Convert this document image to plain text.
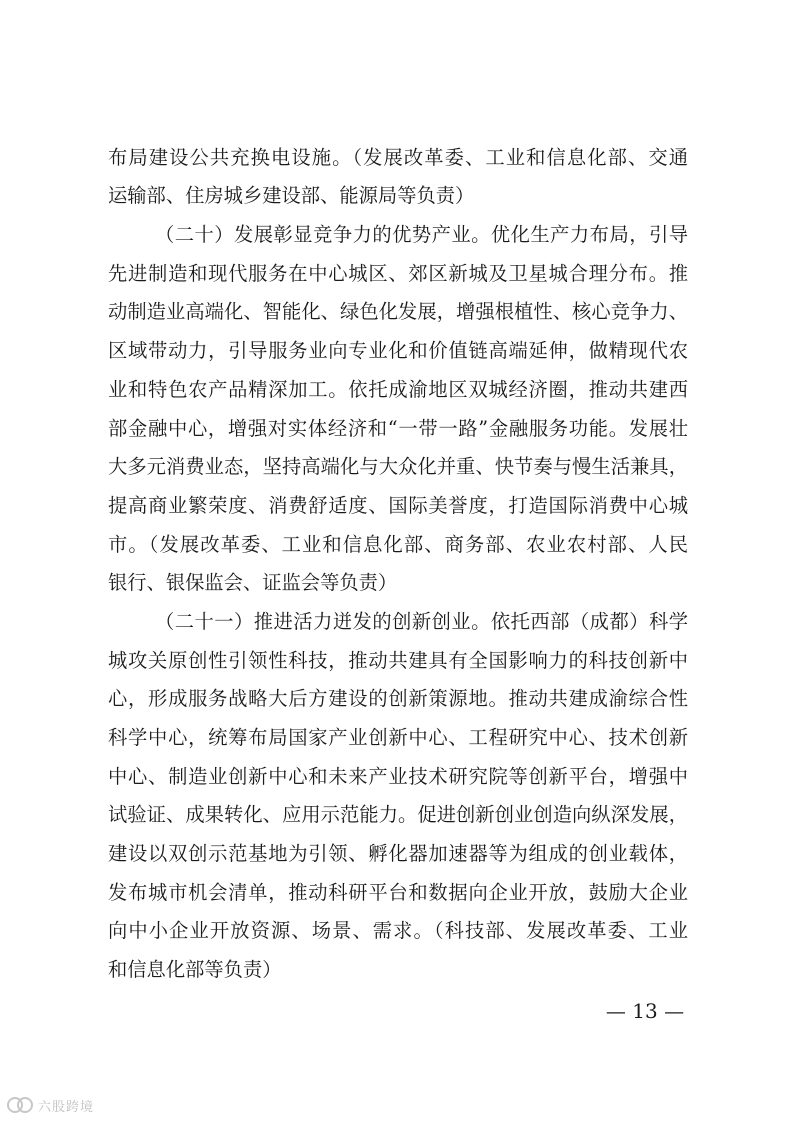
布局建设公共充换电设施。（发展改革委、工业和信息化部、交通
运输部、住房城乡建设部、能源局等负责）
（二十）发展彰显竞争力的优势产业。优化生产力布局，引导
先进制造和现代服务在中心城区、郊区新城及卫星城合理分布。推
动制造业高端化、智能化、绿色化发展，增强根植性、核心竞争力、
区域带动力，引导服务业向专业化和价值链高端延伸，做精现代农
业和特色农产品精深加工。依托成渝地区双城经济圈，推动共建西
部金融中心，增强对实体经济和“一带一路”金融服务功能。发展壮
大多元消费业态，坚持高端化与大众化并重、快节奏与慢生活兼具，
提高商业繁荣度、消费舒适度、国际美誉度，打造国际消费中心城
市。（发展改革委、工业和信息化部、商务部、农业农村部、人民
银行、银保监会、证监会等负责）
（二十一）推进活力迸发的创新创业。依托西部（成都）科学
城攻关原创性引领性科技，推动共建具有全国影响力的科技创新中
心，形成服务战略大后方建设的创新策源地。推动共建成渝综合性
科学中心，统筹布局国家产业创新中心、工程研究中心、技术创新
中心、制造业创新中心和未来产业技术研究院等创新平台，增强中
试验证、成果转化、应用示范能力。促进创新创业创造向纵深发展，
建设以双创示范基地为引领、孵化器加速器等为组成的创业载体，
发布城市机会清单，推动科研平台和数据向企业开放，鼓励大企业
向中小企业开放资源、场景、需求。（科技部、发展改革委、工业
和信息化部等负责）
— 13 —
六股跨境
